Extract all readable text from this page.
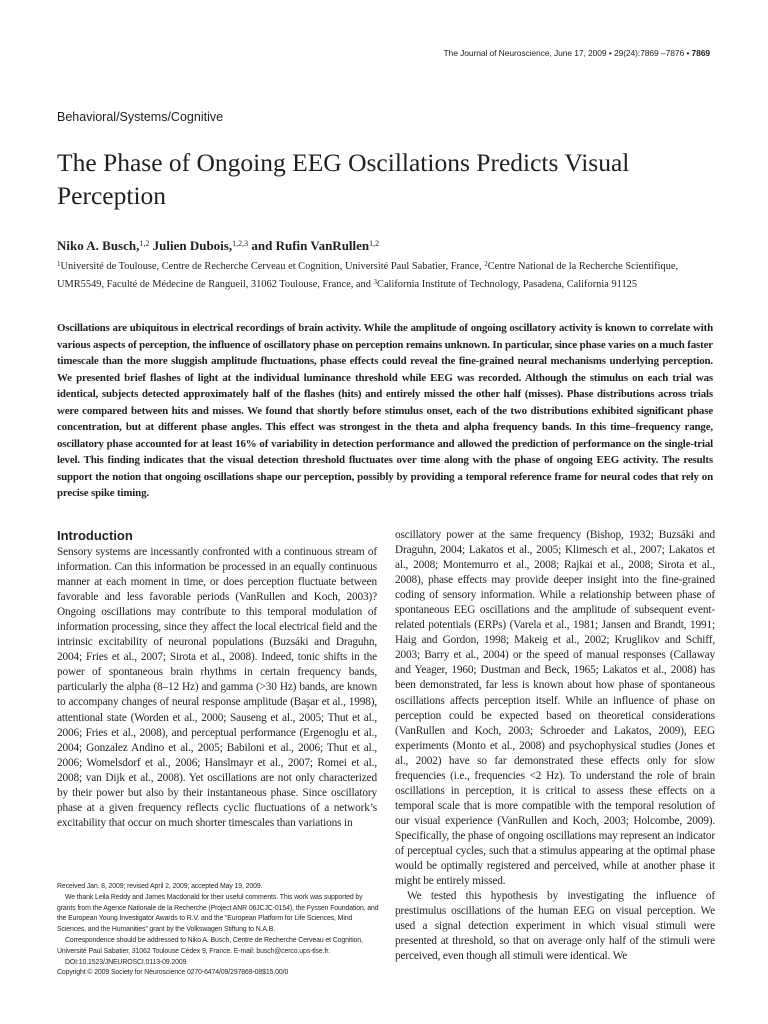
The Journal of Neuroscience, June 17, 2009 • 29(24):7869 –7876 • 7869
Behavioral/Systems/Cognitive
The Phase of Ongoing EEG Oscillations Predicts Visual Perception
Niko A. Busch,$^{1,2}$ Julien Dubois,$^{1,2,3}$ and Rufin VanRullen$^{1,2}$
$^1$Université de Toulouse, Centre de Recherche Cerveau et Cognition, Université Paul Sabatier, France, $^2$Centre National de la Recherche Scientifique, UMR5549, Faculté de Médecine de Rangueil, 31062 Toulouse, France, and $^3$California Institute of Technology, Pasadena, California 91125

Oscillations are ubiquitous in electrical recordings of brain activity. While the amplitude of ongoing oscillatory activity is known to correlate with various aspects of perception, the influence of oscillatory phase on perception remains unknown. In particular, since phase varies on a much faster timescale than the more sluggish amplitude fluctuations, phase effects could reveal the fine-grained neural mechanisms underlying perception. We presented brief flashes of light at the individual luminance threshold while EEG was recorded. Although the stimulus on each trial was identical, subjects detected approximately half of the flashes (hits) and entirely missed the other half (misses). Phase distributions across trials were compared between hits and misses. We found that shortly before stimulus onset, each of the two distributions exhibited significant phase concentration, but at different phase angles. This effect was strongest in the theta and alpha frequency bands. In this time–frequency range, oscillatory phase accounted for at least 16% of variability in detection performance and allowed the prediction of performance on the single-trial level. This finding indicates that the visual detection threshold fluctuates over time along with the phase of ongoing EEG activity. The results support the notion that ongoing oscillations shape our perception, possibly by providing a temporal reference frame for neural codes that rely on precise spike timing.

Introduction

Sensory systems are incessantly confronted with a continuous stream of information. Can this information be processed in an equally continuous manner at each moment in time, or does perception fluctuate between favorable and less favorable periods (VanRullen and Koch, 2003)? Ongoing oscillations may contribute to this temporal modulation of information processing, since they affect the local electrical field and the intrinsic excitability of neuronal populations (Buzsáki and Draguhn, 2004; Fries et al., 2007; Sirota et al., 2008). Indeed, tonic shifts in the power of spontaneous brain rhythms in certain frequency bands, particularly the alpha (8–12 Hz) and gamma (>30 Hz) bands, are known to accompany changes of neural response amplitude (Başar et al., 1998), attentional state (Worden et al., 2000; Sauseng et al., 2005; Thut et al., 2006; Fries et al., 2008), and perceptual performance (Ergenoglu et al., 2004; Gonzalez Andino et al., 2005; Babiloni et al., 2006; Thut et al., 2006; Womelsdorf et al., 2006; Hanslmayr et al., 2007; Romei et al., 2008; van Dijk et al., 2008). Yet oscillations are not only characterized by their power but also by their instantaneous phase. Since oscillatory phase at a given frequency reflects cyclic fluctuations of a network’s excitability that occur on much shorter timescales than variations in

oscillatory power at the same frequency (Bishop, 1932; Buzsáki and Draguhn, 2004; Lakatos et al., 2005; Klimesch et al., 2007; Lakatos et al., 2008; Montemurro et al., 2008; Rajkai et al., 2008; Sirota et al., 2008), phase effects may provide deeper insight into the fine-grained coding of sensory information. While a relationship between phase of spontaneous EEG oscillations and the amplitude of subsequent event-related potentials (ERPs) (Varela et al., 1981; Jansen and Brandt, 1991; Haig and Gordon, 1998; Makeig et al., 2002; Kruglikov and Schiff, 2003; Barry et al., 2004) or the speed of manual responses (Callaway and Yeager, 1960; Dustman and Beck, 1965; Lakatos et al., 2008) has been demonstrated, far less is known about how phase of spontaneous oscillations affects perception itself. While an influence of phase on perception could be expected based on theoretical considerations (VanRullen and Koch, 2003; Schroeder and Lakatos, 2009), EEG experiments (Monto et al., 2008) and psychophysical studies (Jones et al., 2002) have so far demonstrated these effects only for slow frequencies (i.e., frequencies <2 Hz). To understand the role of brain oscillations in perception, it is critical to assess these effects on a temporal scale that is more compatible with the temporal resolution of our visual experience (VanRullen and Koch, 2003; Holcombe, 2009). Specifically, the phase of ongoing oscillations may represent an indicator of perceptual cycles, such that a stimulus appearing at the optimal phase would be optimally registered and perceived, while at another phase it might be entirely missed.

We tested this hypothesis by investigating the influence of prestimulus oscillations of the human EEG on visual perception. We used a signal detection experiment in which visual stimuli were presented at threshold, so that on average only half of the stimuli were perceived, even though all stimuli were identical. We

Received Jan. 8, 2009; revised April 2, 2009; accepted May 19, 2009.

We thank Leila Reddy and James Macdonald for their useful comments. This work was supported by grants from the Agence Nationale de la Recherche (Project ANR 06JCJC-0154), the Fyssen Foundation, and the European Young Investigator Awards to R.V. and the “European Platform for Life Sciences, Mind Sciences, and the Humanities” grant by the Volkswagen Stiftung to N.A.B.

Correspondence should be addressed to Niko A. Busch, Centre de Recherche Cerveau et Cognition, Université Paul Sabatier, 31062 Toulouse Cédex 9, France. E-mail: busch@cerco.ups-tlse.fr.

DOI:10.1523/JNEUROSCI.0113-09.2009

Copyright © 2009 Society for Neuroscience 0270-6474/09/297869-08$15.00/0
